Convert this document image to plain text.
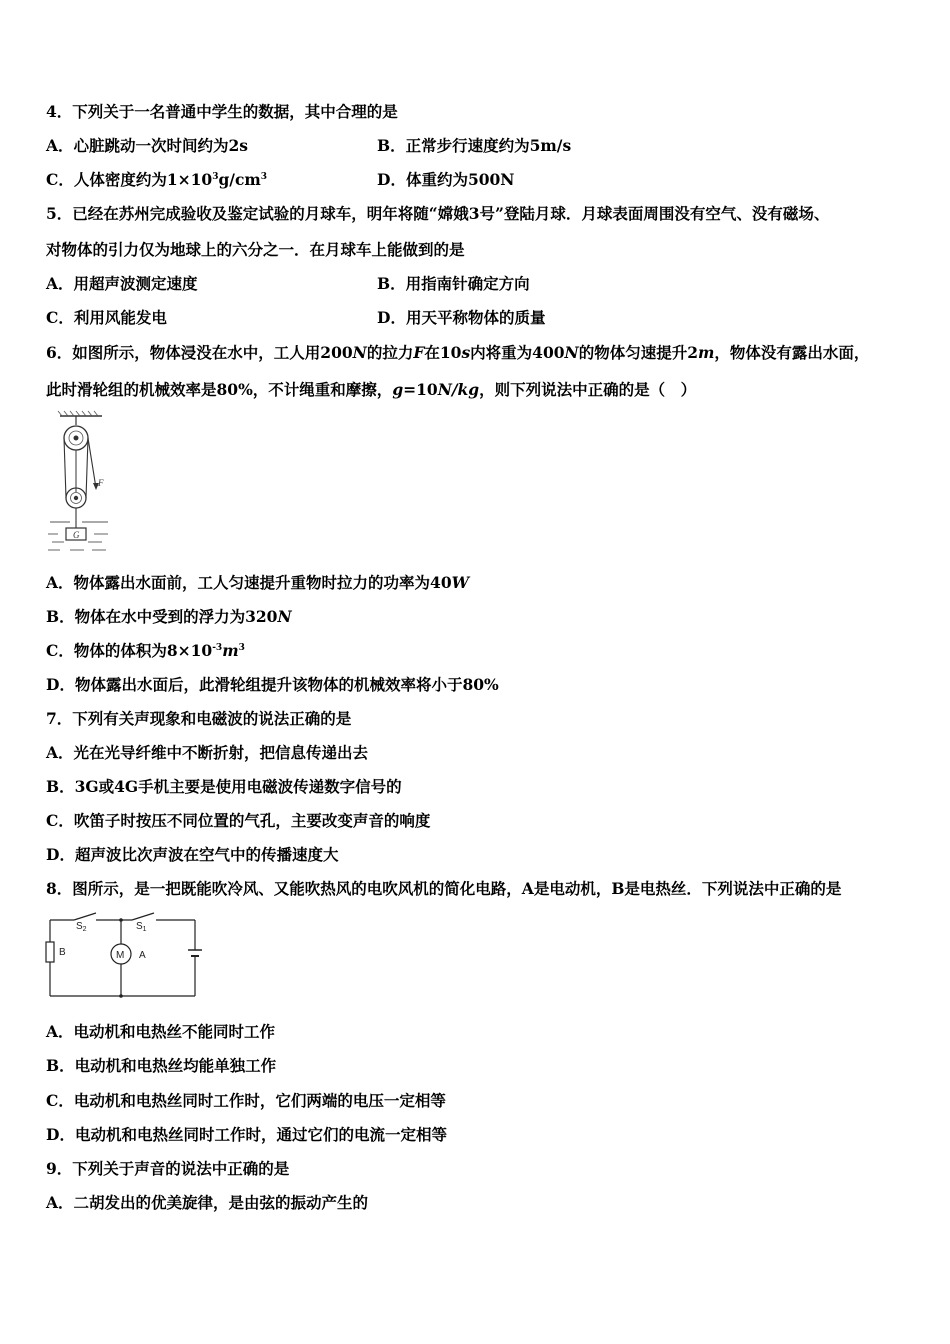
4．下列关于一名普通中学生的数据，其中合理的是
A．心脏跳动一次时间约为2s	B．正常步行速度约为5m/s
C．人体密度约为$1\times 10^3g/cm^3$	D．体重约为500N
5．已经在苏州完成验收及鉴定试验的月球车，明年将随“嫦娥3号”登陆月球．月球表面周围没有空气、没有磁场、
对物体的引力仅为地球上的六分之一．在月球车上能做到的是
A．用超声波测定速度	B．用指南针确定方向
C．利用风能发电	D．用天平称物体的质量
6．如图所示，物体浸没在水中，工人用200N的拉力F在10s内将重为400N的物体匀速提升2m，物体没有露出水面，
此时滑轮组的机械效率是80%，不计绳重和摩擦，g=10N/kg，则下列说法中正确的是（　）
F
G
A．物体露出水面前，工人匀速提升重物时拉力的功率为40W
B．物体在水中受到的浮力为320N
C．物体的体积为$8\times 10^{-3}m^3$
D．物体露出水面后，此滑轮组提升该物体的机械效率将小于80%
7．下列有关声现象和电磁波的说法正确的是
A．光在光导纤维中不断折射，把信息传递出去
B．3G或4G手机主要是使用电磁波传递数字信号的
C．吹笛子时按压不同位置的气孔，主要改变声音的响度
D．超声波比次声波在空气中的传播速度大
8．图所示，是一把既能吹冷风、又能吹热风的电吹风机的简化电路，A是电动机，B是电热丝．下列说法中正确的是
$S_2$	$S_1$
B	M A
A．电动机和电热丝不能同时工作
B．电动机和电热丝均能单独工作
C．电动机和电热丝同时工作时，它们两端的电压一定相等
D．电动机和电热丝同时工作时，通过它们的电流一定相等
9．下列关于声音的说法中正确的是
A．二胡发出的优美旋律，是由弦的振动产生的
